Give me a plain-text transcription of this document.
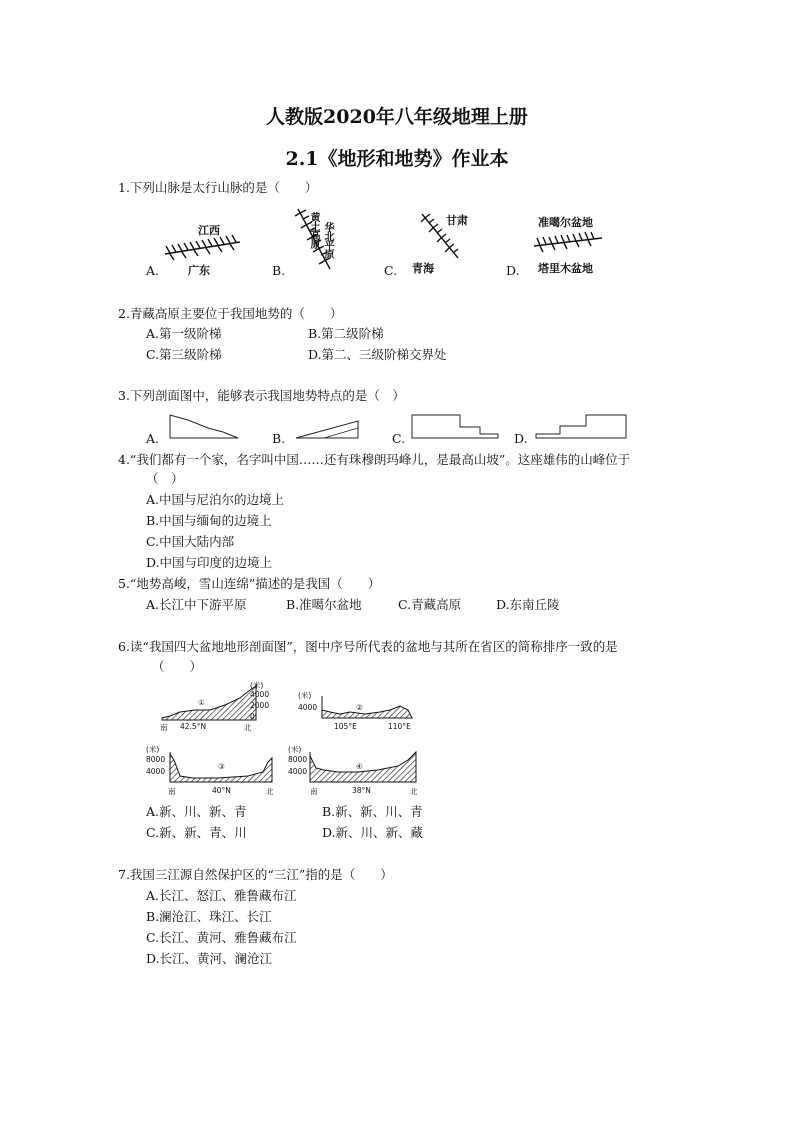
人教版2020年八年级地理上册
2.1《地形和地势》作业本
1.下列山脉是太行山脉的是（　　）
A.
江西
广东	B.
黄土高原 华北平原
C.
甘肃
青海	D.
准噶尔盆地
塔里木盆地
2.青藏高原主要位于我国地势的（　　）
A.第一级阶梯	B.第二级阶梯
C.第三级阶梯	D.第二、三级阶梯交界处
3.下列剖面图中，能够表示我国地势特点的是（　）
A.	B.	C.	D.
4.“我们都有一个家，名字叫中国……还有珠穆朗玛峰儿，是最高山坡”。这座雄伟的山峰位于
（　）
A.中国与尼泊尔的边境上
B.中国与缅甸的边境上
C.中国大陆内部
D.中国与印度的边境上
5.“地势高峻，雪山连绵”描述的是我国（　　）
A.长江中下游平原	B.准噶尔盆地	C.青藏高原	D.东南丘陵
6.读“我国四大盆地地形剖面图”，图中序号所代表的盆地与其所在省区的简称排序一致的是
（　　）
①
(米)
4000
2000
0
南 42.5°N	北
(米)
4000	②
105°E	110°E
(米)
8000
4000
③
南	40°N	北
(米)
8000
4000
④
南	38°N	北
A.新、川、新、青	B.新、新、川、青
C.新、新、青、川	D.新、川、新、藏
7.我国三江源自然保护区的“三江”指的是（　　）
A.长江、怒江、雅鲁藏布江
B.澜沧江、珠江、长江
C.长江、黄河、雅鲁藏布江
D.长江、黄河、澜沧江
